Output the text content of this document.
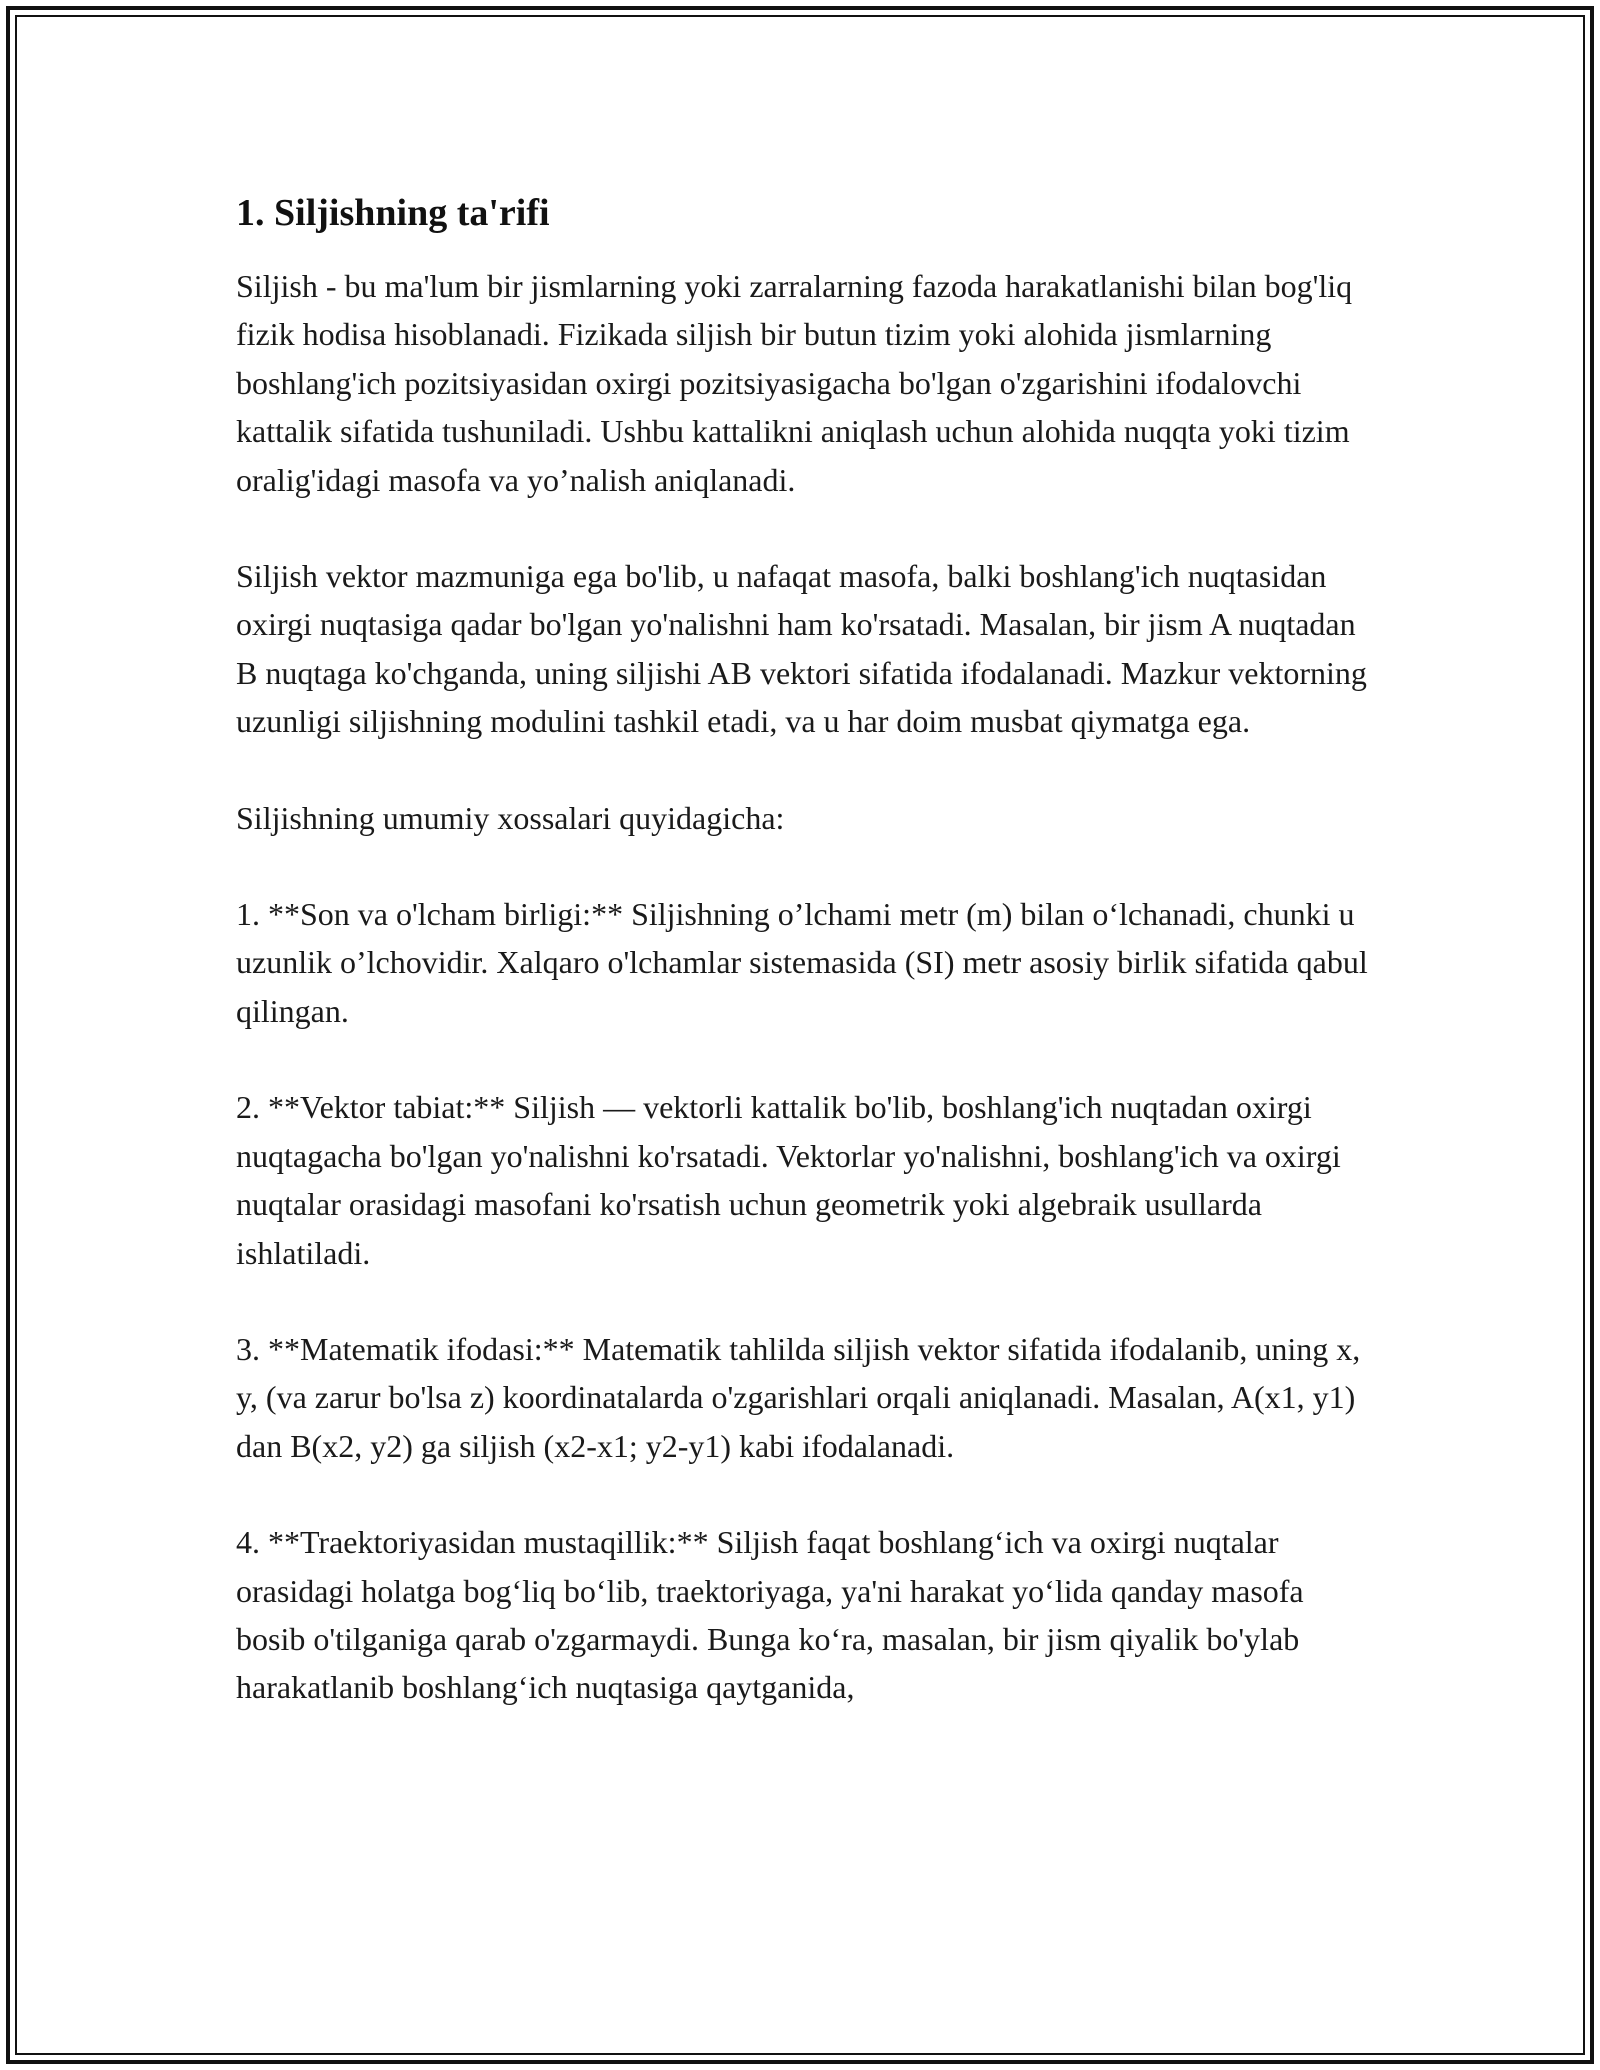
1. Siljishning ta'rifi

Siljish - bu ma'lum bir jismlarning yoki zarralarning fazoda harakatlanishi bilan bog'liq fizik hodisa hisoblanadi. Fizikada siljish bir butun tizim yoki alohida jismlarning boshlang'ich pozitsiyasidan oxirgi pozitsiyasigacha bo'lgan o'zgarishini ifodalovchi kattalik sifatida tushuniladi. Ushbu kattalikni aniqlash uchun alohida nuqqta yoki tizim oralig'idagi masofa va yo’nalish aniqlanadi.

Siljish vektor mazmuniga ega bo'lib, u nafaqat masofa, balki boshlang'ich nuqtasidan oxirgi nuqtasiga qadar bo'lgan yo'nalishni ham ko'rsatadi. Masalan, bir jism A nuqtadan B nuqtaga ko'chganda, uning siljishi AB vektori sifatida ifodalanadi. Mazkur vektorning uzunligi siljishning modulini tashkil etadi, va u har doim musbat qiymatga ega.

Siljishning umumiy xossalari quyidagicha:

1. **Son va o'lcham birligi:** Siljishning o’lchami metr (m) bilan o‘lchanadi, chunki u uzunlik o’lchovidir. Xalqaro o'lchamlar sistemasida (SI) metr asosiy birlik sifatida qabul qilingan.

2. **Vektor tabiat:** Siljish — vektorli kattalik bo'lib, boshlang'ich nuqtadan oxirgi nuqtagacha bo'lgan yo'nalishni ko'rsatadi. Vektorlar yo'nalishni, boshlang'ich va oxirgi nuqtalar orasidagi masofani ko'rsatish uchun geometrik yoki algebraik usullarda ishlatiladi.

3. **Matematik ifodasi:** Matematik tahlilda siljish vektor sifatida ifodalanib, uning x, y, (va zarur bo'lsa z) koordinatalarda o'zgarishlari orqali aniqlanadi. Masalan, A(x1, y1) dan B(x2, y2) ga siljish (x2-x1; y2-y1) kabi ifodalanadi.

4. **Traektoriyasidan mustaqillik:** Siljish faqat boshlang‘ich va oxirgi nuqtalar orasidagi holatga bog‘liq bo‘lib, traektoriyaga, ya'ni harakat yo‘lida qanday masofa bosib o'tilganiga qarab o'zgarmaydi. Bunga ko‘ra, masalan, bir jism qiyalik bo'ylab harakatlanib boshlang‘ich nuqtasiga qaytganida,
